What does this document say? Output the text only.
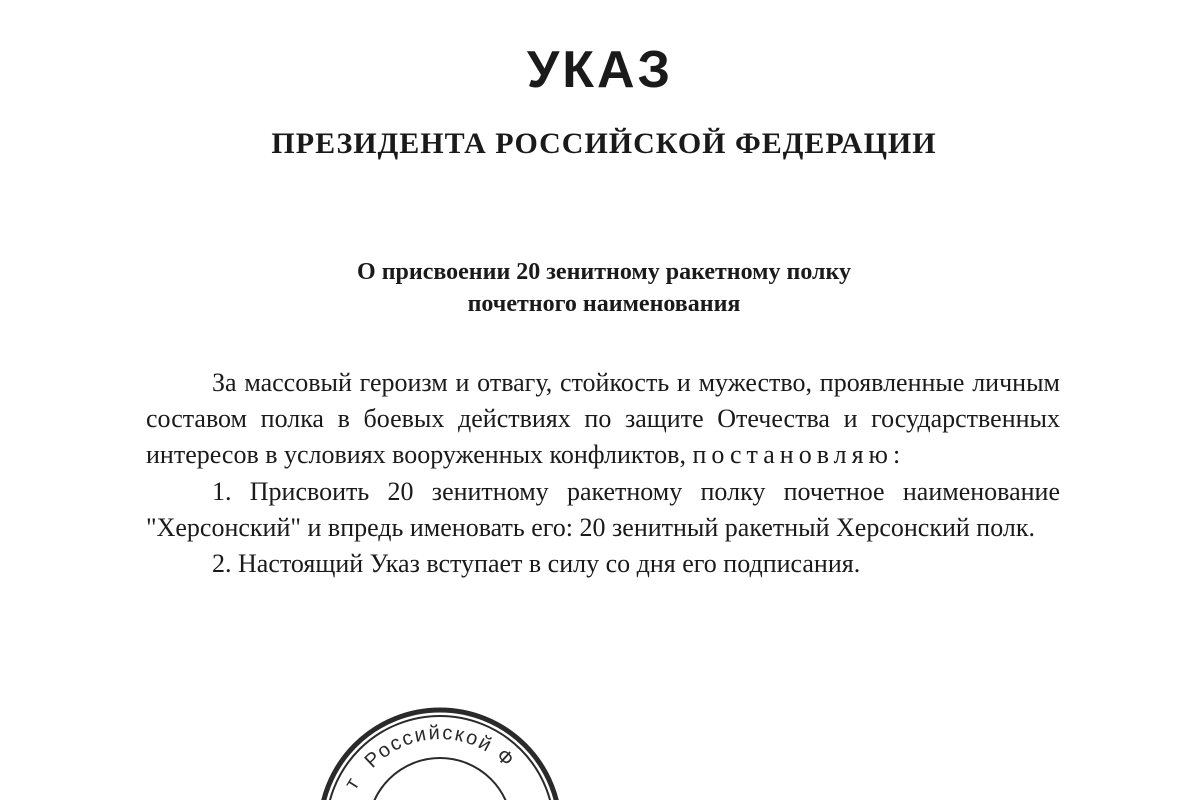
УКАЗ
ПРЕЗИДЕНТА РОССИЙСКОЙ ФЕДЕРАЦИИ
О присвоении 20 зенитному ракетному полку
почетного наименования

За массовый героизм и отвагу, стойкость и мужество, проявленные личным составом полка в боевых действиях по защите Отечества и государственных интересов в условиях вооруженных конфликтов, постановляю:

1. Присвоить 20 зенитному ракетному полку почетное наименование "Херсонский" и впредь именовать его: 20 зенитный ракетный Херсонский полк.

2. Настоящий Указ вступает в силу со дня его подписания.

Российской Ф
т
